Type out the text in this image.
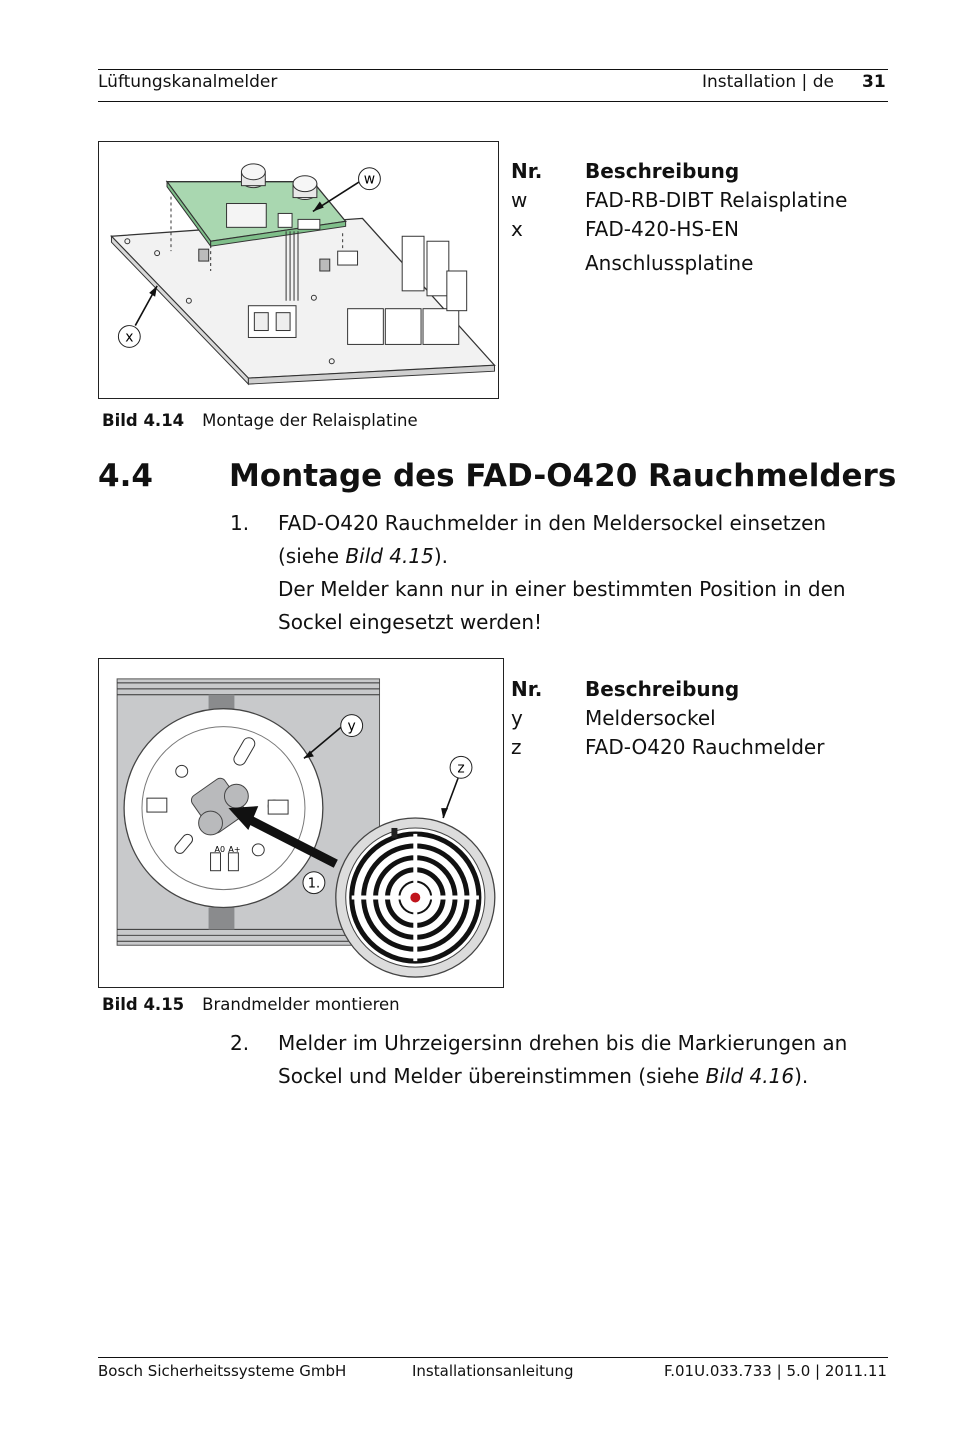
Lüftungskanalmelder	Installation | de 31
w
x
Bild 4.14 Montage der Relaisplatine
Nr.	Beschreibung
w	FAD-RB-DIBT Relaisplatine
x	FAD-420-HS-EN
Anschlussplatine
4.4 Montage des FAD-O420 Rauchmelders
1. FAD-O420 Rauchmelder in den Meldersockel einsetzen
(siehe Bild 4.15).
Der Melder kann nur in einer bestimmten Position in den
Sockel eingesetzt werden!
A0 A+
y
z
1.
Bild 4.15 Brandmelder montieren
Nr.	Beschreibung
y	Meldersockel
z	FAD-O420 Rauchmelder
2. Melder im Uhrzeigersinn drehen bis die Markierungen an
Sockel und Melder übereinstimmen (siehe Bild 4.16).
Bosch Sicherheitssysteme GmbH	Installationsanleitung	F.01U.033.733 | 5.0 | 2011.11
